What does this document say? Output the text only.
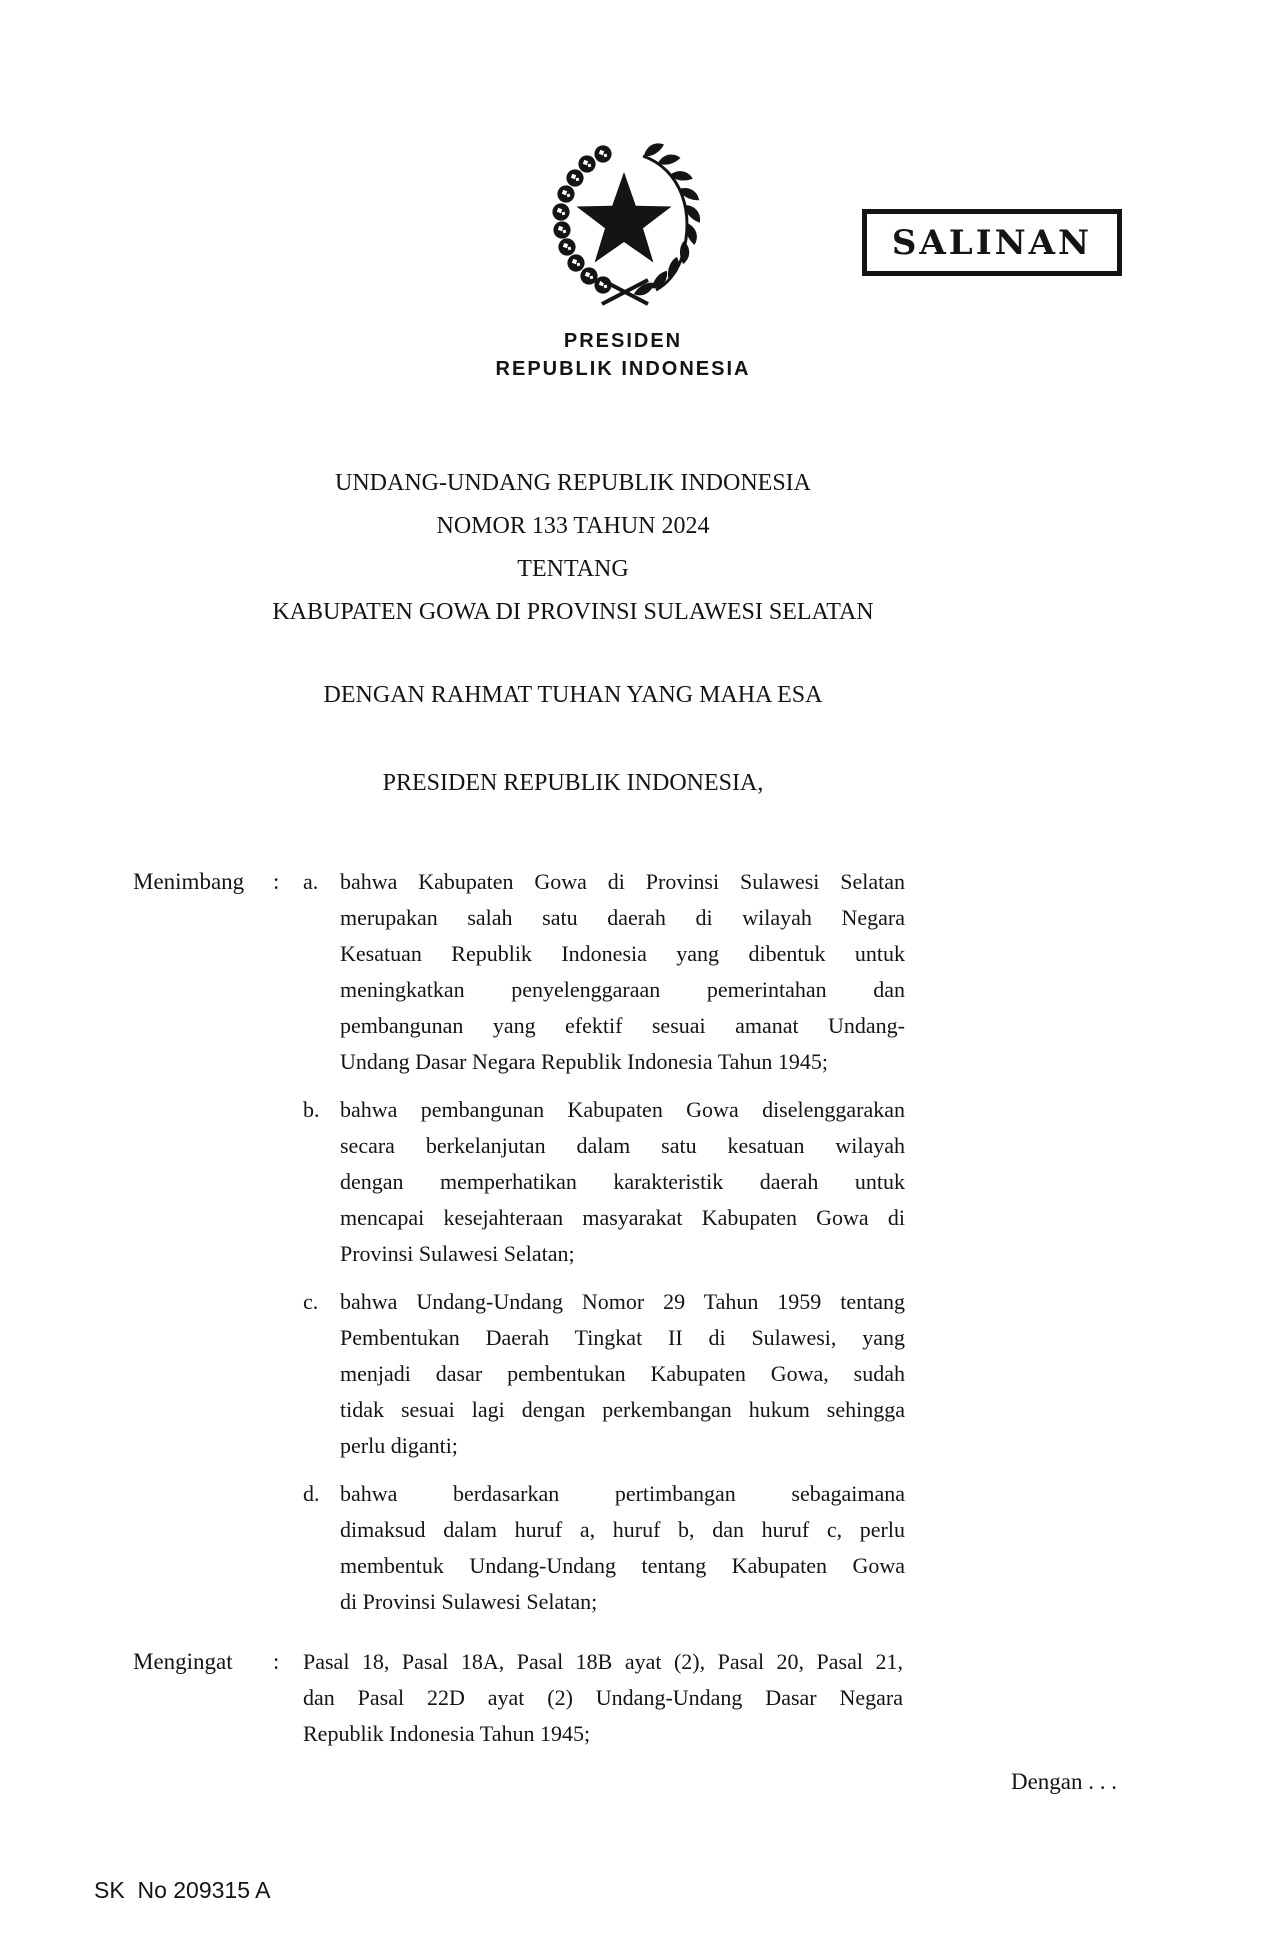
SALINAN
PRESIDEN
REPUBLIK INDONESIA
UNDANG-UNDANG REPUBLIK INDONESIA
NOMOR 133 TAHUN 2024
TENTANG
KABUPATEN GOWA DI PROVINSI SULAWESI SELATAN
DENGAN RAHMAT TUHAN YANG MAHA ESA
PRESIDEN REPUBLIK INDONESIA,
Menimbang : a. bahwa Kabupaten Gowa di Provinsi Sulawesi Selatan
merupakan salah satu daerah di wilayah Negara
Kesatuan Republik Indonesia yang dibentuk untuk
meningkatkan penyelenggaraan pemerintahan dan
pembangunan yang efektif sesuai amanat Undang-
Undang Dasar Negara Republik Indonesia Tahun 1945;
b. bahwa pembangunan Kabupaten Gowa diselenggarakan
secara berkelanjutan dalam satu kesatuan wilayah
dengan memperhatikan karakteristik daerah untuk
mencapai kesejahteraan masyarakat Kabupaten Gowa di
Provinsi Sulawesi Selatan;
c. bahwa Undang-Undang Nomor 29 Tahun 1959 tentang
Pembentukan Daerah Tingkat II di Sulawesi, yang
menjadi dasar pembentukan Kabupaten Gowa, sudah
tidak sesuai lagi dengan perkembangan hukum sehingga
perlu diganti;
d. bahwa berdasarkan pertimbangan sebagaimana
dimaksud dalam huruf a, huruf b, dan huruf c, perlu
membentuk Undang-Undang tentang Kabupaten Gowa
di Provinsi Sulawesi Selatan;
Mengingat : Pasal 18, Pasal 18A, Pasal 18B ayat (2), Pasal 20, Pasal 21,
dan Pasal 22D ayat (2) Undang-Undang Dasar Negara
Republik Indonesia Tahun 1945;
Dengan . . .
SK  No 209315 A
